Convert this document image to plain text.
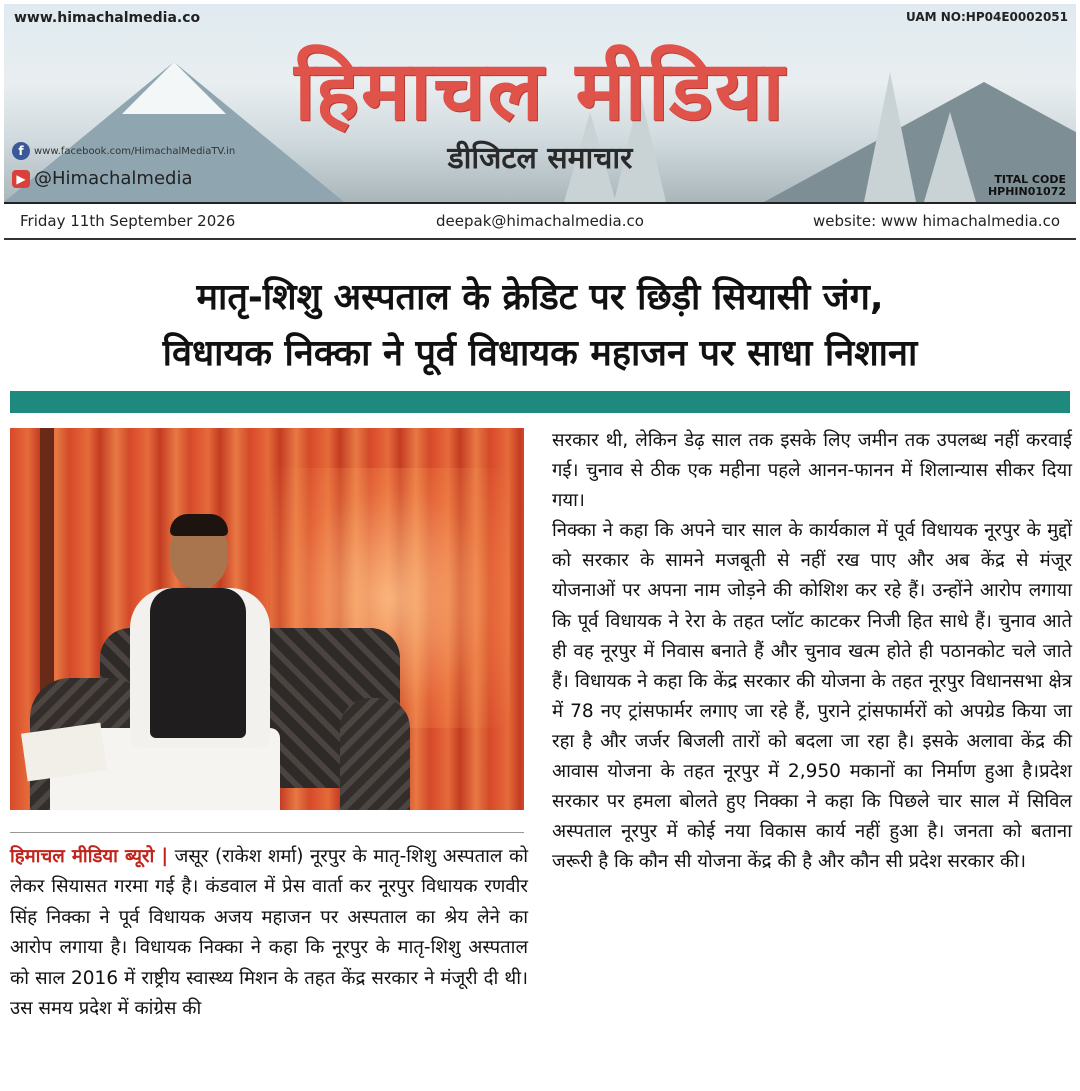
www.himachalmedia.co	UAM NO:HP04E0002051
हिमाचल मीडिया
डीजिटल समाचार
f www.facebook.com/HimachalMediaTV.in
▶ @Himachalmedia	TITAL CODE
HPHIN01072
Friday 11th September 2026	deepak@himachalmedia.co	website: www himachalmedia.co
मातृ-शिशु अस्पताल के क्रेडिट पर छिड़ी सियासी जंग,
विधायक निक्का ने पूर्व विधायक महाजन पर साधा निशाना
हिमाचल मीडिया ब्यूरो | जसूर (राकेश शर्मा) नूरपुर के मातृ-शिशु अस्पताल को लेकर सियासत गरमा गई है। कंडवाल में प्रेस वार्ता कर नूरपुर विधायक रणवीर सिंह निक्का ने पूर्व विधायक अजय महाजन पर अस्पताल का श्रेय लेने का आरोप लगाया है। विधायक निक्का ने कहा कि नूरपुर के मातृ-शिशु अस्पताल को साल 2016 में राष्ट्रीय स्वास्थ्य मिशन के तहत केंद्र सरकार ने मंजूरी दी थी। उस समय प्रदेश में कांग्रेस की

सरकार थी, लेकिन डेढ़ साल तक इसके लिए जमीन तक उपलब्ध नहीं करवाई गई। चुनाव से ठीक एक महीना पहले आनन-फानन में शिलान्यास सीकर दिया गया।

निक्का ने कहा कि अपने चार साल के कार्यकाल में पूर्व विधायक नूरपुर के मुद्दों को सरकार के सामने मजबूती से नहीं रख पाए और अब केंद्र से मंजूर योजनाओं पर अपना नाम जोड़ने की कोशिश कर रहे हैं। उन्होंने आरोप लगाया कि पूर्व विधायक ने रेरा के तहत प्लॉट काटकर निजी हित साधे हैं। चुनाव आते ही वह नूरपुर में निवास बनाते हैं और चुनाव खत्म होते ही पठानकोट चले जाते हैं। विधायक ने कहा कि केंद्र सरकार की योजना के तहत नूरपुर विधानसभा क्षेत्र में 78 नए ट्रांसफार्मर लगाए जा रहे हैं, पुराने ट्रांसफार्मरों को अपग्रेड किया जा रहा है और जर्जर बिजली तारों को बदला जा रहा है। इसके अलावा केंद्र की आवास योजना के तहत नूरपुर में 2,950 मकानों का निर्माण हुआ है।प्रदेश सरकार पर हमला बोलते हुए निक्का ने कहा कि पिछले चार साल में सिविल अस्पताल नूरपुर में कोई नया विकास कार्य नहीं हुआ है। जनता को बताना जरूरी है कि कौन सी योजना केंद्र की है और कौन सी प्रदेश सरकार की।
